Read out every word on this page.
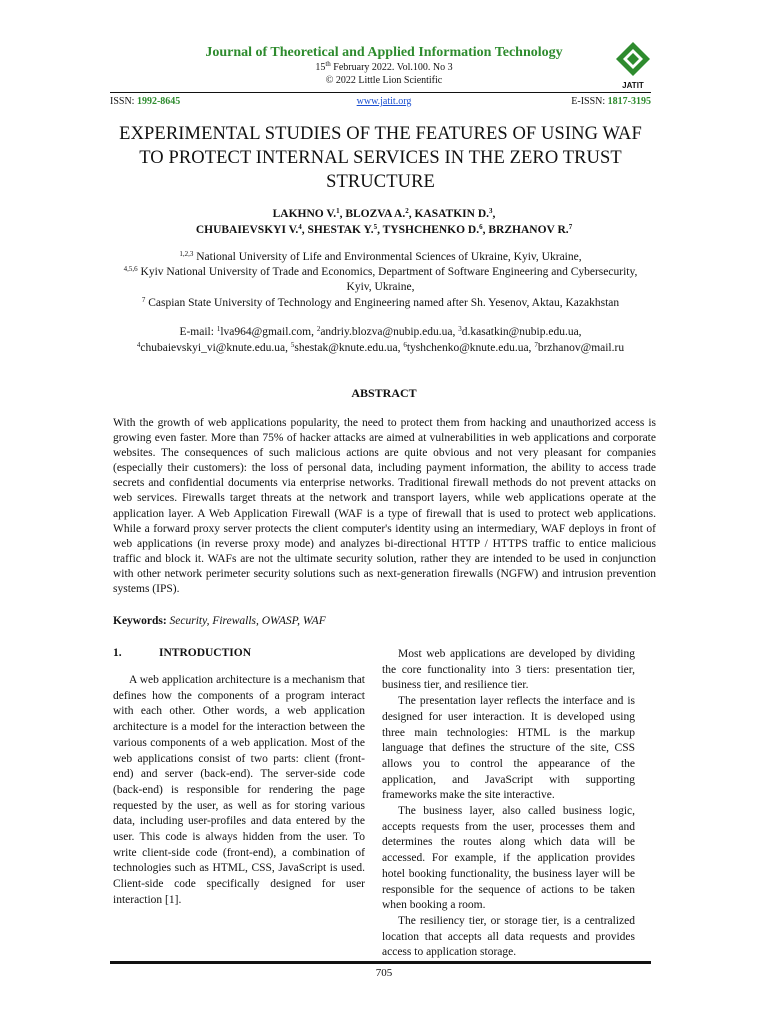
Journal of Theoretical and Applied Information Technology
15th February 2022. Vol.100. No 3
© 2022 Little Lion Scientific	JATIT
ISSN: 1992-8645	www.jatit.org	E-ISSN: 1817-3195
EXPERIMENTAL STUDIES OF THE FEATURES OF USING WAF TO PROTECT INTERNAL SERVICES IN THE ZERO TRUST STRUCTURE
LAKHNO V.$^1$, BLOZVA A.$^2$, KASATKIN D.$^3$,
CHUBAIEVSKYI V.$^4$, SHESTAK Y.$^5$, TYSHCHENKO D.$^6$, BRZHANOV R.$^7$
$^{1,2,3}$ National University of Life and Environmental Sciences of Ukraine, Kyiv, Ukraine,
$^{4,5,6}$ Kyiv National University of Trade and Economics, Department of Software Engineering and Cybersecurity, Kyiv, Ukraine,
$^7$ Caspian State University of Technology and Engineering named after Sh. Yesenov, Aktau, Kazakhstan
E-mail: $^1$lva964@gmail.com, $^2$andriy.blozva@nubip.edu.ua, $^3$d.kasatkin@nubip.edu.ua,
$^4$chubaievskyi_vi@knute.edu.ua, $^5$shestak@knute.edu.ua, $^6$tyshchenko@knute.edu.ua, $^7$brzhanov@mail.ru
ABSTRACT
With the growth of web applications popularity, the need to protect them from hacking and unauthorized access is growing even faster. More than 75% of hacker attacks are aimed at vulnerabilities in web applications and corporate websites. The consequences of such malicious actions are quite obvious and not very pleasant for companies (especially their customers): the loss of personal data, including payment information, the ability to access trade secrets and confidential documents via enterprise networks. Traditional firewall methods do not prevent attacks on web services. Firewalls target threats at the network and transport layers, while web applications operate at the application layer. A Web Application Firewall (WAF is a type of firewall that is used to protect web applications. While a forward proxy server protects the client computer's identity using an intermediary, WAF deploys in front of web applications (in reverse proxy mode) and analyzes bi-directional HTTP / HTTPS traffic to entice malicious traffic and block it. WAFs are not the ultimate security solution, rather they are intended to be used in conjunction with other network perimeter security solutions such as next-generation firewalls (NGFW) and intrusion prevention systems (IPS).
Keywords: Security, Firewalls, OWASP, WAF
1.	INTRODUCTION

A web application architecture is a mechanism that defines how the components of a program interact with each other. Other words, a web application architecture is a model for the interaction between the various components of a web application. Most of the web applications consist of two parts: client (front-end) and server (back-end). The server-side code (back-end) is responsible for rendering the page requested by the user, as well as for storing various data, including user-profiles and data entered by the user. This code is always hidden from the user. To write client-side code (front-end), a combination of technologies such as HTML, CSS, JavaScript is used. Client-side code specifically designed for user interaction [1].

Most web applications are developed by dividing the core functionality into 3 tiers: presentation tier, business tier, and resilience tier.

The presentation layer reflects the interface and is designed for user interaction. It is developed using three main technologies: HTML is the markup language that defines the structure of the site, CSS allows you to control the appearance of the application, and JavaScript with supporting frameworks make the site interactive.

The business layer, also called business logic, accepts requests from the user, processes them and determines the routes along which data will be accessed. For example, if the application provides hotel booking functionality, the business layer will be responsible for the sequence of actions to be taken when booking a room.

The resiliency tier, or storage tier, is a centralized location that accepts all data requests and provides access to application storage.

705
